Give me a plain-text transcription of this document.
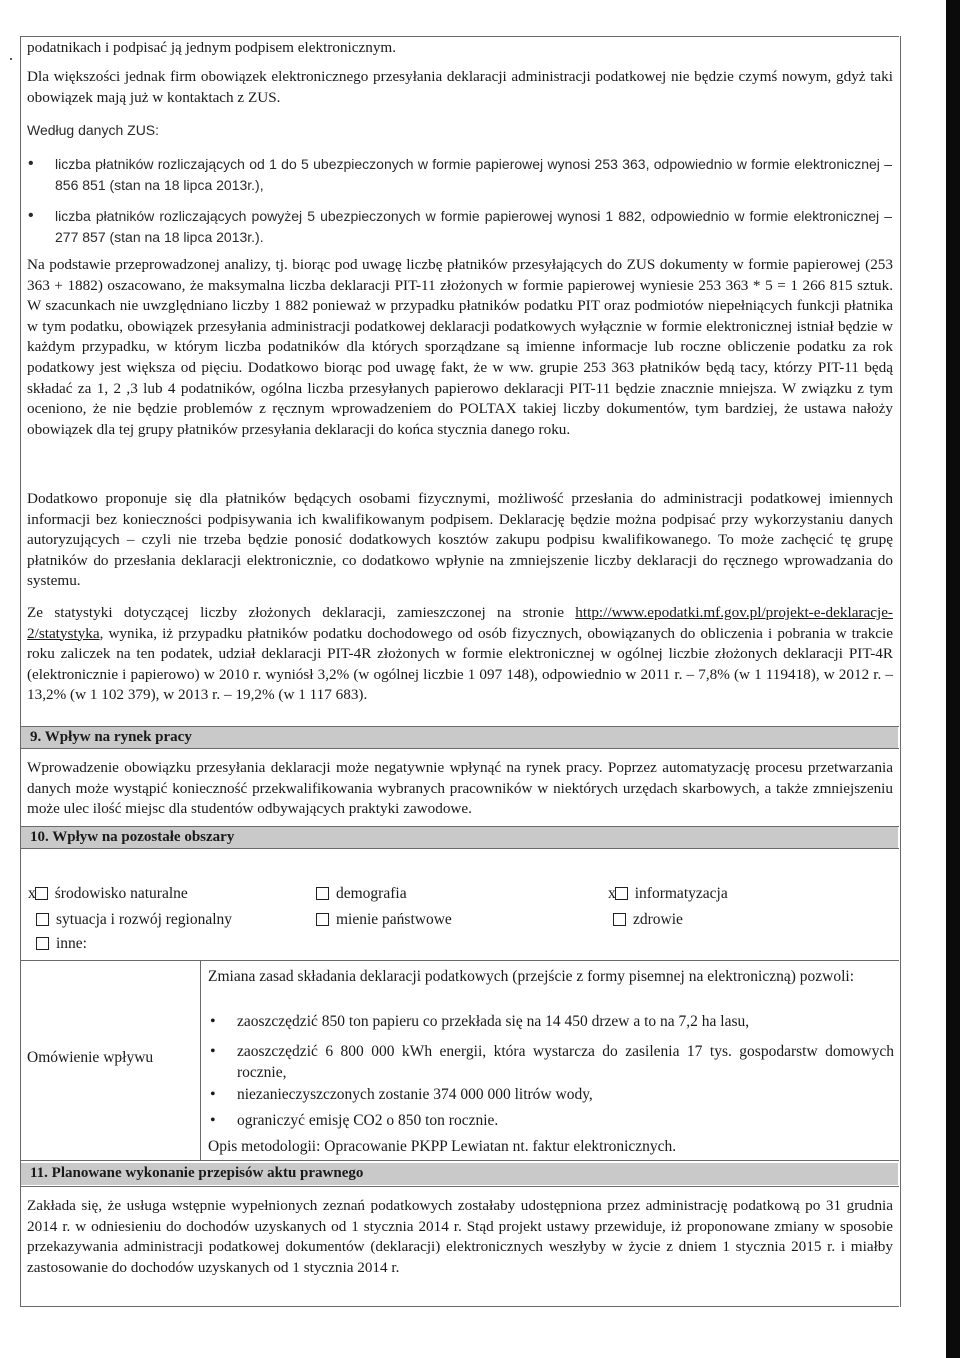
podatnikach i podpisać ją jednym podpisem elektronicznym.
Dla większości jednak firm obowiązek elektronicznego przesyłania deklaracji administracji podatkowej nie będzie czymś nowym, gdyż taki obowiązek mają już w kontaktach z ZUS.
Według danych ZUS:
• liczba płatników rozliczających od 1 do 5 ubezpieczonych w formie papierowej wynosi 253 363, odpowiednio w formie elektronicznej – 856 851 (stan na 18 lipca 2013r.),
• liczba płatników rozliczających powyżej 5 ubezpieczonych w formie papierowej wynosi 1 882, odpowiednio w formie elektronicznej – 277 857 (stan na 18 lipca 2013r.).
Na podstawie przeprowadzonej analizy, tj. biorąc pod uwagę liczbę płatników przesyłających do ZUS dokumenty w formie papierowej (253 363 + 1882) oszacowano, że maksymalna liczba deklaracji PIT-11 złożonych w formie papierowej wyniesie 253 363 * 5 = 1 266 815 sztuk. W szacunkach nie uwzględniano liczby 1 882 ponieważ w przypadku płatników podatku PIT oraz podmiotów niepełniących funkcji płatnika w tym podatku, obowiązek przesyłania administracji podatkowej deklaracji podatkowych wyłącznie w formie elektronicznej istniał będzie w każdym przypadku, w którym liczba podatników dla których sporządzane są imienne informacje lub roczne obliczenie podatku za rok podatkowy jest większa od pięciu. Dodatkowo biorąc pod uwagę fakt, że w ww. grupie 253 363 płatników będą tacy, którzy PIT-11 będą składać za 1, 2 ,3 lub 4 podatników, ogólna liczba przesyłanych papierowo deklaracji PIT-11 będzie znacznie mniejsza. W związku z tym oceniono, że nie będzie problemów z ręcznym wprowadzeniem do POLTAX takiej liczby dokumentów, tym bardziej, że ustawa nałoży obowiązek dla tej grupy płatników przesyłania deklaracji do końca stycznia danego roku.
Dodatkowo proponuje się dla płatników będących osobami fizycznymi, możliwość przesłania do administracji podatkowej imiennych informacji bez konieczności podpisywania ich kwalifikowanym podpisem. Deklarację będzie można podpisać przy wykorzystaniu danych autoryzujących – czyli nie trzeba będzie ponosić dodatkowych kosztów zakupu podpisu kwalifikowanego. To może zachęcić tę grupę płatników do przesłania deklaracji elektronicznie, co dodatkowo wpłynie na zmniejszenie liczby deklaracji do ręcznego wprowadzania do systemu.
Ze statystyki dotyczącej liczby złożonych deklaracji, zamieszczonej na stronie http://www.epodatki.mf.gov.pl/projekt-e-deklaracje-2/statystyka, wynika, iż przypadku płatników podatku dochodowego od osób fizycznych, obowiązanych do obliczenia i pobrania w trakcie roku zaliczek na ten podatek, udział deklaracji PIT-4R złożonych w formie elektronicznej w ogólnej liczbie złożonych deklaracji PIT-4R (elektronicznie i papierowo) w 2010 r. wyniósł 3,2% (w ogólnej liczbie 1 097 148), odpowiednio w 2011 r. – 7,8% (w 1 119418), w 2012 r. – 13,2% (w 1 102 379), w 2013 r. – 19,2% (w 1 117 683).
9. Wpływ na rynek pracy
Wprowadzenie obowiązku przesyłania deklaracji może negatywnie wpłynąć na rynek pracy. Poprzez automatyzację procesu przetwarzania danych może wystąpić konieczność przekwalifikowania wybranych pracowników w niektórych urzędach skarbowych, a także zmniejszeniu może ulec ilość miejsc dla studentów odbywających praktyki zawodowe.
10. Wpływ na pozostałe obszary
x środowisko naturalne	demografia	x informatyzacja
sytuacja i rozwój regionalny	mienie państwowe	zdrowie
inne:
Omówienie wpływu
Zmiana zasad składania deklaracji podatkowych (przejście z formy pisemnej na elektroniczną) pozwoli:
• zaoszczędzić 850 ton papieru co przekłada się na 14 450 drzew a to na 7,2 ha lasu,
• zaoszczędzić 6 800 000 kWh energii, która wystarcza do zasilenia 17 tys. gospodarstw domowych rocznie,
• niezanieczyszczonych zostanie 374 000 000 litrów wody,
• ograniczyć emisję CO2 o 850 ton rocznie.
Opis metodologii: Opracowanie PKPP Lewiatan nt. faktur elektronicznych.
11. Planowane wykonanie przepisów aktu prawnego
Zakłada się, że usługa wstępnie wypełnionych zeznań podatkowych zostałaby udostępniona przez administrację podatkową po 31 grudnia 2014 r. w odniesieniu do dochodów uzyskanych od 1 stycznia 2014 r. Stąd projekt ustawy przewiduje, iż proponowane zmiany w sposobie przekazywania administracji podatkowej dokumentów (deklaracji) elektronicznych weszłyby w życie z dniem 1 stycznia 2015 r. i miałby zastosowanie do dochodów uzyskanych od 1 stycznia 2014 r.
